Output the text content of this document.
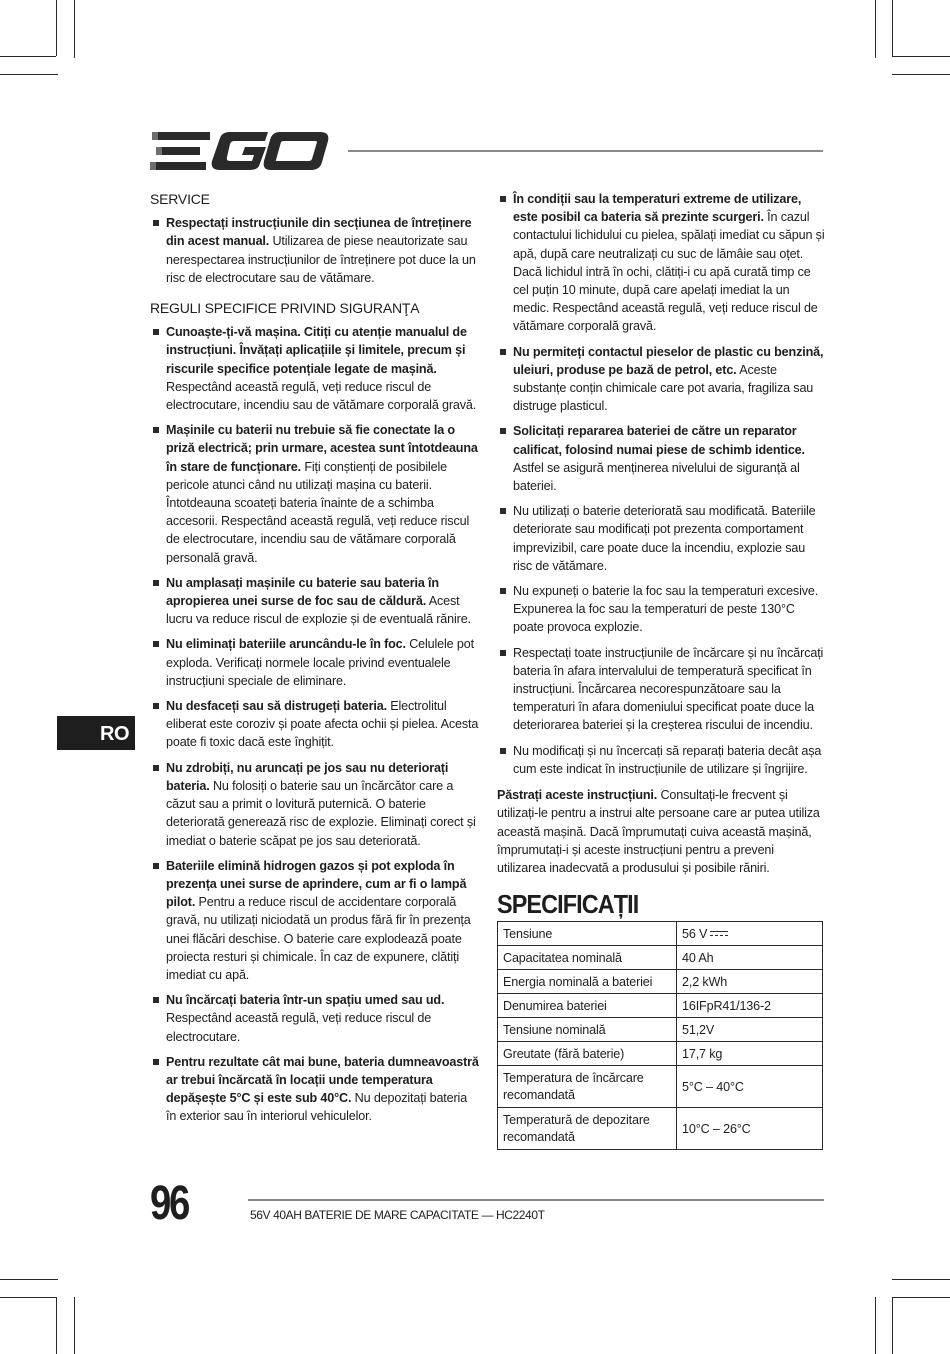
SERVICE
Respectați instrucțiunile din secțiunea de întreținere din acest manual. Utilizarea de piese neautorizate sau nerespectarea instrucțiunilor de întreținere pot duce la un risc de electrocutare sau de vătămare.
REGULI SPECIFICE PRIVIND SIGURANŢA
Cunoaște-ți-vă mașina. Citiți cu atenție manualul de instrucțiuni. Învățați aplicațiile și limitele, precum și riscurile specifice potențiale legate de mașină. Respectând această regulă, veți reduce riscul de electrocutare, incendiu sau de vătămare corporală gravă.
Mașinile cu baterii nu trebuie să fie conectate la o priză electrică; prin urmare, acestea sunt întotdeauna în stare de funcționare. Fiți conștienți de posibilele pericole atunci când nu utilizați mașina cu baterii. Întotdeauna scoateți bateria înainte de a schimba accesorii. Respectând această regulă, veți reduce riscul de electrocutare, incendiu sau de vătămare corporală personală gravă.
Nu amplasați mașinile cu baterie sau bateria în apropierea unei surse de foc sau de căldură. Acest lucru va reduce riscul de explozie și de eventuală rănire.
Nu eliminați bateriile aruncându-le în foc. Celulele pot exploda. Verificați normele locale privind eventualele instrucțiuni speciale de eliminare.
Nu desfaceți sau să distrugeți bateria. Electrolitul eliberat este coroziv și poate afecta ochii și pielea. Acesta poate fi toxic dacă este înghițit.
Nu zdrobiți, nu aruncați pe jos sau nu deteriorați bateria. Nu folosiți o baterie sau un încărcător care a căzut sau a primit o lovitură puternică. O baterie deteriorată generează risc de explozie. Eliminați corect și imediat o baterie scăpat pe jos sau deteriorată.
Bateriile elimină hidrogen gazos și pot exploda în prezența unei surse de aprindere, cum ar fi o lampă pilot. Pentru a reduce riscul de accidentare corporală gravă, nu utilizați niciodată un produs fără fir în prezența unei flăcări deschise. O baterie care explodează poate proiecta resturi și chimicale. În caz de expunere, clătiți imediat cu apă.
Nu încărcați bateria într-un spațiu umed sau ud. Respectând această regulă, veți reduce riscul de electrocutare.
Pentru rezultate cât mai bune, bateria dumneavoastră ar trebui încărcată în locații unde temperatura depășește 5°C și este sub 40°C. Nu depozitați bateria în exterior sau în interiorul vehiculelor.
În condiții sau la temperaturi extreme de utilizare, este posibil ca bateria să prezinte scurgeri. În cazul contactului lichidului cu pielea, spălați imediat cu săpun și apă, după care neutralizați cu suc de lămâie sau oțet. Dacă lichidul intră în ochi, clătiți-i cu apă curată timp ce cel puțin 10 minute, după care apelați imediat la un medic. Respectând această regulă, veți reduce riscul de vătămare corporală gravă.
Nu permiteți contactul pieselor de plastic cu benzină, uleiuri, produse pe bază de petrol, etc. Aceste substanțe conțin chimicale care pot avaria, fragiliza sau distruge plasticul.
Solicitați repararea bateriei de către un reparator calificat, folosind numai piese de schimb identice. Astfel se asigură menținerea nivelului de siguranță al bateriei.
Nu utilizați o baterie deteriorată sau modificată. Bateriile deteriorate sau modificați pot prezenta comportament imprevizibil, care poate duce la incendiu, explozie sau risc de vătămare.
Nu expuneți o baterie la foc sau la temperaturi excesive. Expunerea la foc sau la temperaturi de peste 130°C poate provoca explozie.
Respectați toate instrucțiunile de încărcare și nu încărcați bateria în afara intervalului de temperatură specificat în instrucțiuni. Încărcarea necorespunzătoare sau la temperaturi în afara domeniului specificat poate duce la deteriorarea bateriei și la creșterea riscului de incendiu.
Nu modificați și nu încercați să reparați bateria decât așa cum este indicat în instrucțiunile de utilizare și îngrijire.

Păstrați aceste instrucțiuni. Consultați-le frecvent și utilizați-le pentru a instrui alte persoane care ar putea utiliza această mașină. Dacă împrumutați cuiva această mașină, împrumutați-i și aceste instrucțiuni pentru a preveni utilizarea inadecvată a produsului și posibile răniri.

SPECIFICAȚII
Tensiune	56 V
Capacitatea nominală	40 Ah
Energia nominală a bateriei	2,2 kWh
Denumirea bateriei	16IFpR41/136-2
Tensiune nominală	51,2V
Greutate (fără baterie)	17,7 kg
Temperatura de încărcare recomandată	5°C – 40°C
Temperatură de depozitare recomandată	10°C – 26°C
RO
96	56V 40AH BATERIE DE MARE CAPACITATE — HC2240T
